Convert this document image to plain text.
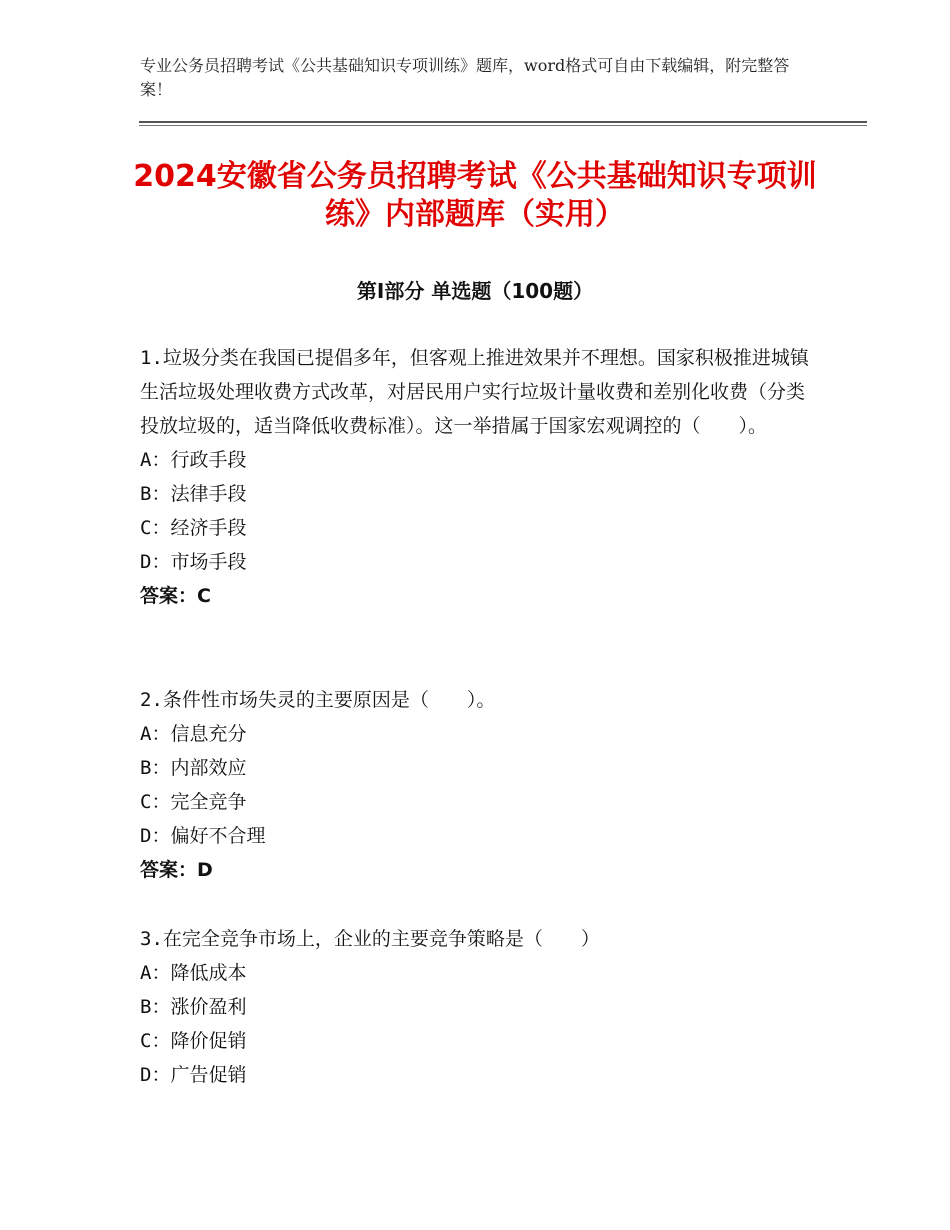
专业公务员招聘考试《公共基础知识专项训练》题库，word格式可自由下载编辑，附完整答案！
2024安徽省公务员招聘考试《公共基础知识专项训练》内部题库（实用）
第Ⅰ部分 单选题（100题）
1.垃圾分类在我国已提倡多年，但客观上推进效果并不理想。国家积极推进城镇生活垃圾处理收费方式改革，对居民用户实行垃圾计量收费和差别化收费（分类投放垃圾的，适当降低收费标准）。这一举措属于国家宏观调控的（　　）。
A：行政手段
B：法律手段
C：经济手段
D：市场手段
答案：C
2.条件性市场失灵的主要原因是（　　）。
A：信息充分
B：内部效应
C：完全竞争
D：偏好不合理
答案：D
3.在完全竞争市场上，企业的主要竞争策略是（　　）
A：降低成本
B：涨价盈利
C：降价促销
D：广告促销
